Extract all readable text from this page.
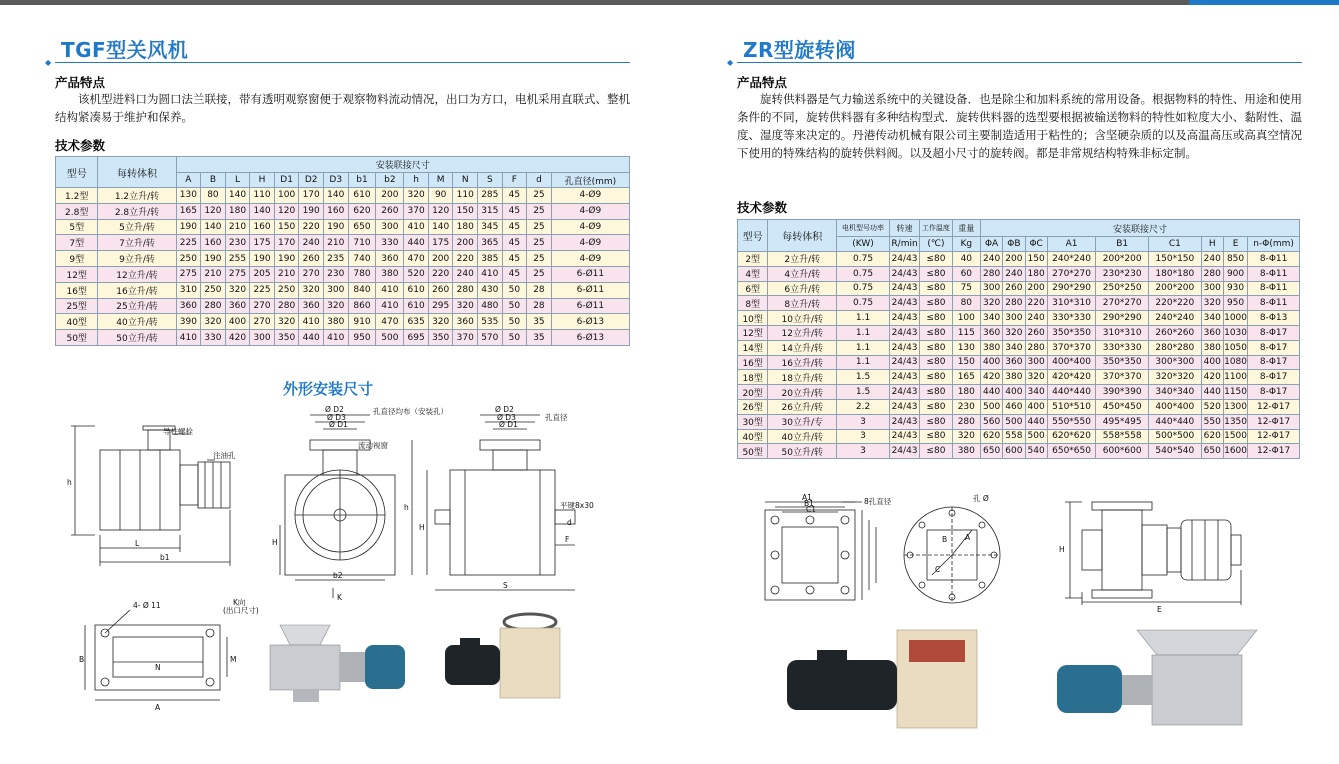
◆
TGF型关风机
产品特点
该机型进料口为圆口法兰联接，带有透明观察窗便于观察物料流动情况，出口为方口，电机采用直联式、整机结构紧凑易于维护和保养。
技术参数
型号	每转体积	安装联接尺寸															
		A	B	L	H	D1	D2	D3	b1	b2	h	M	N	S	F	d	孔直径(mm)
1.2型	1.2立升/转	130	80	140	110	100	170	140	610	200	320	90	110	285	45	25	4-Ø9
2.8型	2.8立升/转	165	120	180	140	120	190	160	620	260	370	120	150	315	45	25	4-Ø9
5型	5立升/转	190	140	210	160	150	220	190	650	300	410	140	180	345	45	25	4-Ø9
7型	7立升/转	225	160	230	175	170	240	210	710	330	440	175	200	365	45	25	4-Ø9
9型	9立升/转	250	190	255	190	190	260	235	740	360	470	200	220	385	45	25	4-Ø9
12型	12立升/转	275	210	275	205	210	270	230	780	380	520	220	240	410	45	25	6-Ø11
16型	16立升/转	310	250	320	225	250	320	300	840	410	610	260	280	430	50	28	6-Ø11
25型	25立升/转	360	280	360	270	280	360	320	860	410	610	295	320	480	50	28	6-Ø11
40型	40立升/转	390	320	400	270	320	410	380	910	470	635	320	360	535	50	35	6-Ø13
50型	50立升/转	410	330	420	300	350	440	410	950	500	695	350	370	570	50	35	6-Ø13
外形安装尺寸
导柱螺栓
注油孔
L
b1
h
孔直径均布（安装孔）
Ø D2
Ø D3
Ø D1
流动视窗
H
b2
K
Ø D2
Ø D3
Ø D1
孔直径
平键8x30
h
H
S
F
d
K向
(出口尺寸)
4- Ø 11
B
N
M
A
◆
ZR型旋转阀
产品特点
旋转供料器是气力输送系统中的关键设备．也是除尘和加料系统的常用设备。根据物料的特性、用途和使用条件的不同，旋转供料器有多种结构型式．旋转供料器的选型要根据被输送物料的特性如粒度大小、黏附性、温度、湿度等来决定的。丹港传动机械有限公司主要制造适用于粘性的；含坚硬杂质的以及高温高压或高真空情况下使用的特殊结构的旋转供料阀。以及超小尺寸的旋转阀。都是非常规结构特殊非标定制。
技术参数
型号	每转体积	电机型号功率	转速	工作温度	重量	安装联接尺寸								
		(KW)	R/min	(℃)	Kg	ΦA	ΦB	ΦC	A1	B1	C1	H	E	n-Φ(mm)
2型	2立升/转	0.75	24/43	≤80	40	240	200	150	240*240	200*200	150*150	240	850	8-Φ11
4型	4立升/转	0.75	24/43	≤80	60	280	240	180	270*270	230*230	180*180	280	900	8-Φ11
6型	6立升/转	0.75	24/43	≤80	75	300	260	200	290*290	250*250	200*200	300	930	8-Φ11
8型	8立升/转	0.75	24/43	≤80	80	320	280	220	310*310	270*270	220*220	320	950	8-Φ11
10型	10立升/转	1.1	24/43	≤80	100	340	300	240	330*330	290*290	240*240	340	1000	8-Φ13
12型	12立升/转	1.1	24/43	≤80	115	360	320	260	350*350	310*310	260*260	360	1030	8-Φ17
14型	14立升/转	1.1	24/43	≤80	130	380	340	280	370*370	330*330	280*280	380	1050	8-Φ17
16型	16立升/转	1.1	24/43	≤80	150	400	360	300	400*400	350*350	300*300	400	1080	8-Φ17
18型	18立升/转	1.5	24/43	≤80	165	420	380	320	420*420	370*370	320*320	420	1100	8-Φ17
20型	20立升/转	1.5	24/43	≤80	180	440	400	340	440*440	390*390	340*340	440	1150	8-Φ17
26型	26立升/转	2.2	24/43	≤80	230	500	460	400	510*510	450*450	400*400	520	1300	12-Φ17
30型	30立升/专	3	24/43	≤80	280	560	500	440	550*550	495*495	440*440	550	1350	12-Φ17
40型	40立升/转	3	24/43	≤80	320	620	558	500	620*620	558*558	500*500	620	1500	12-Φ17
50型	50立升/转	3	24/43	≤80	380	650	600	540	650*650	600*600	540*540	650	1600	12-Φ17
A1
B1
C1
8孔直径	孔 Ø
A
B
C
H
E
